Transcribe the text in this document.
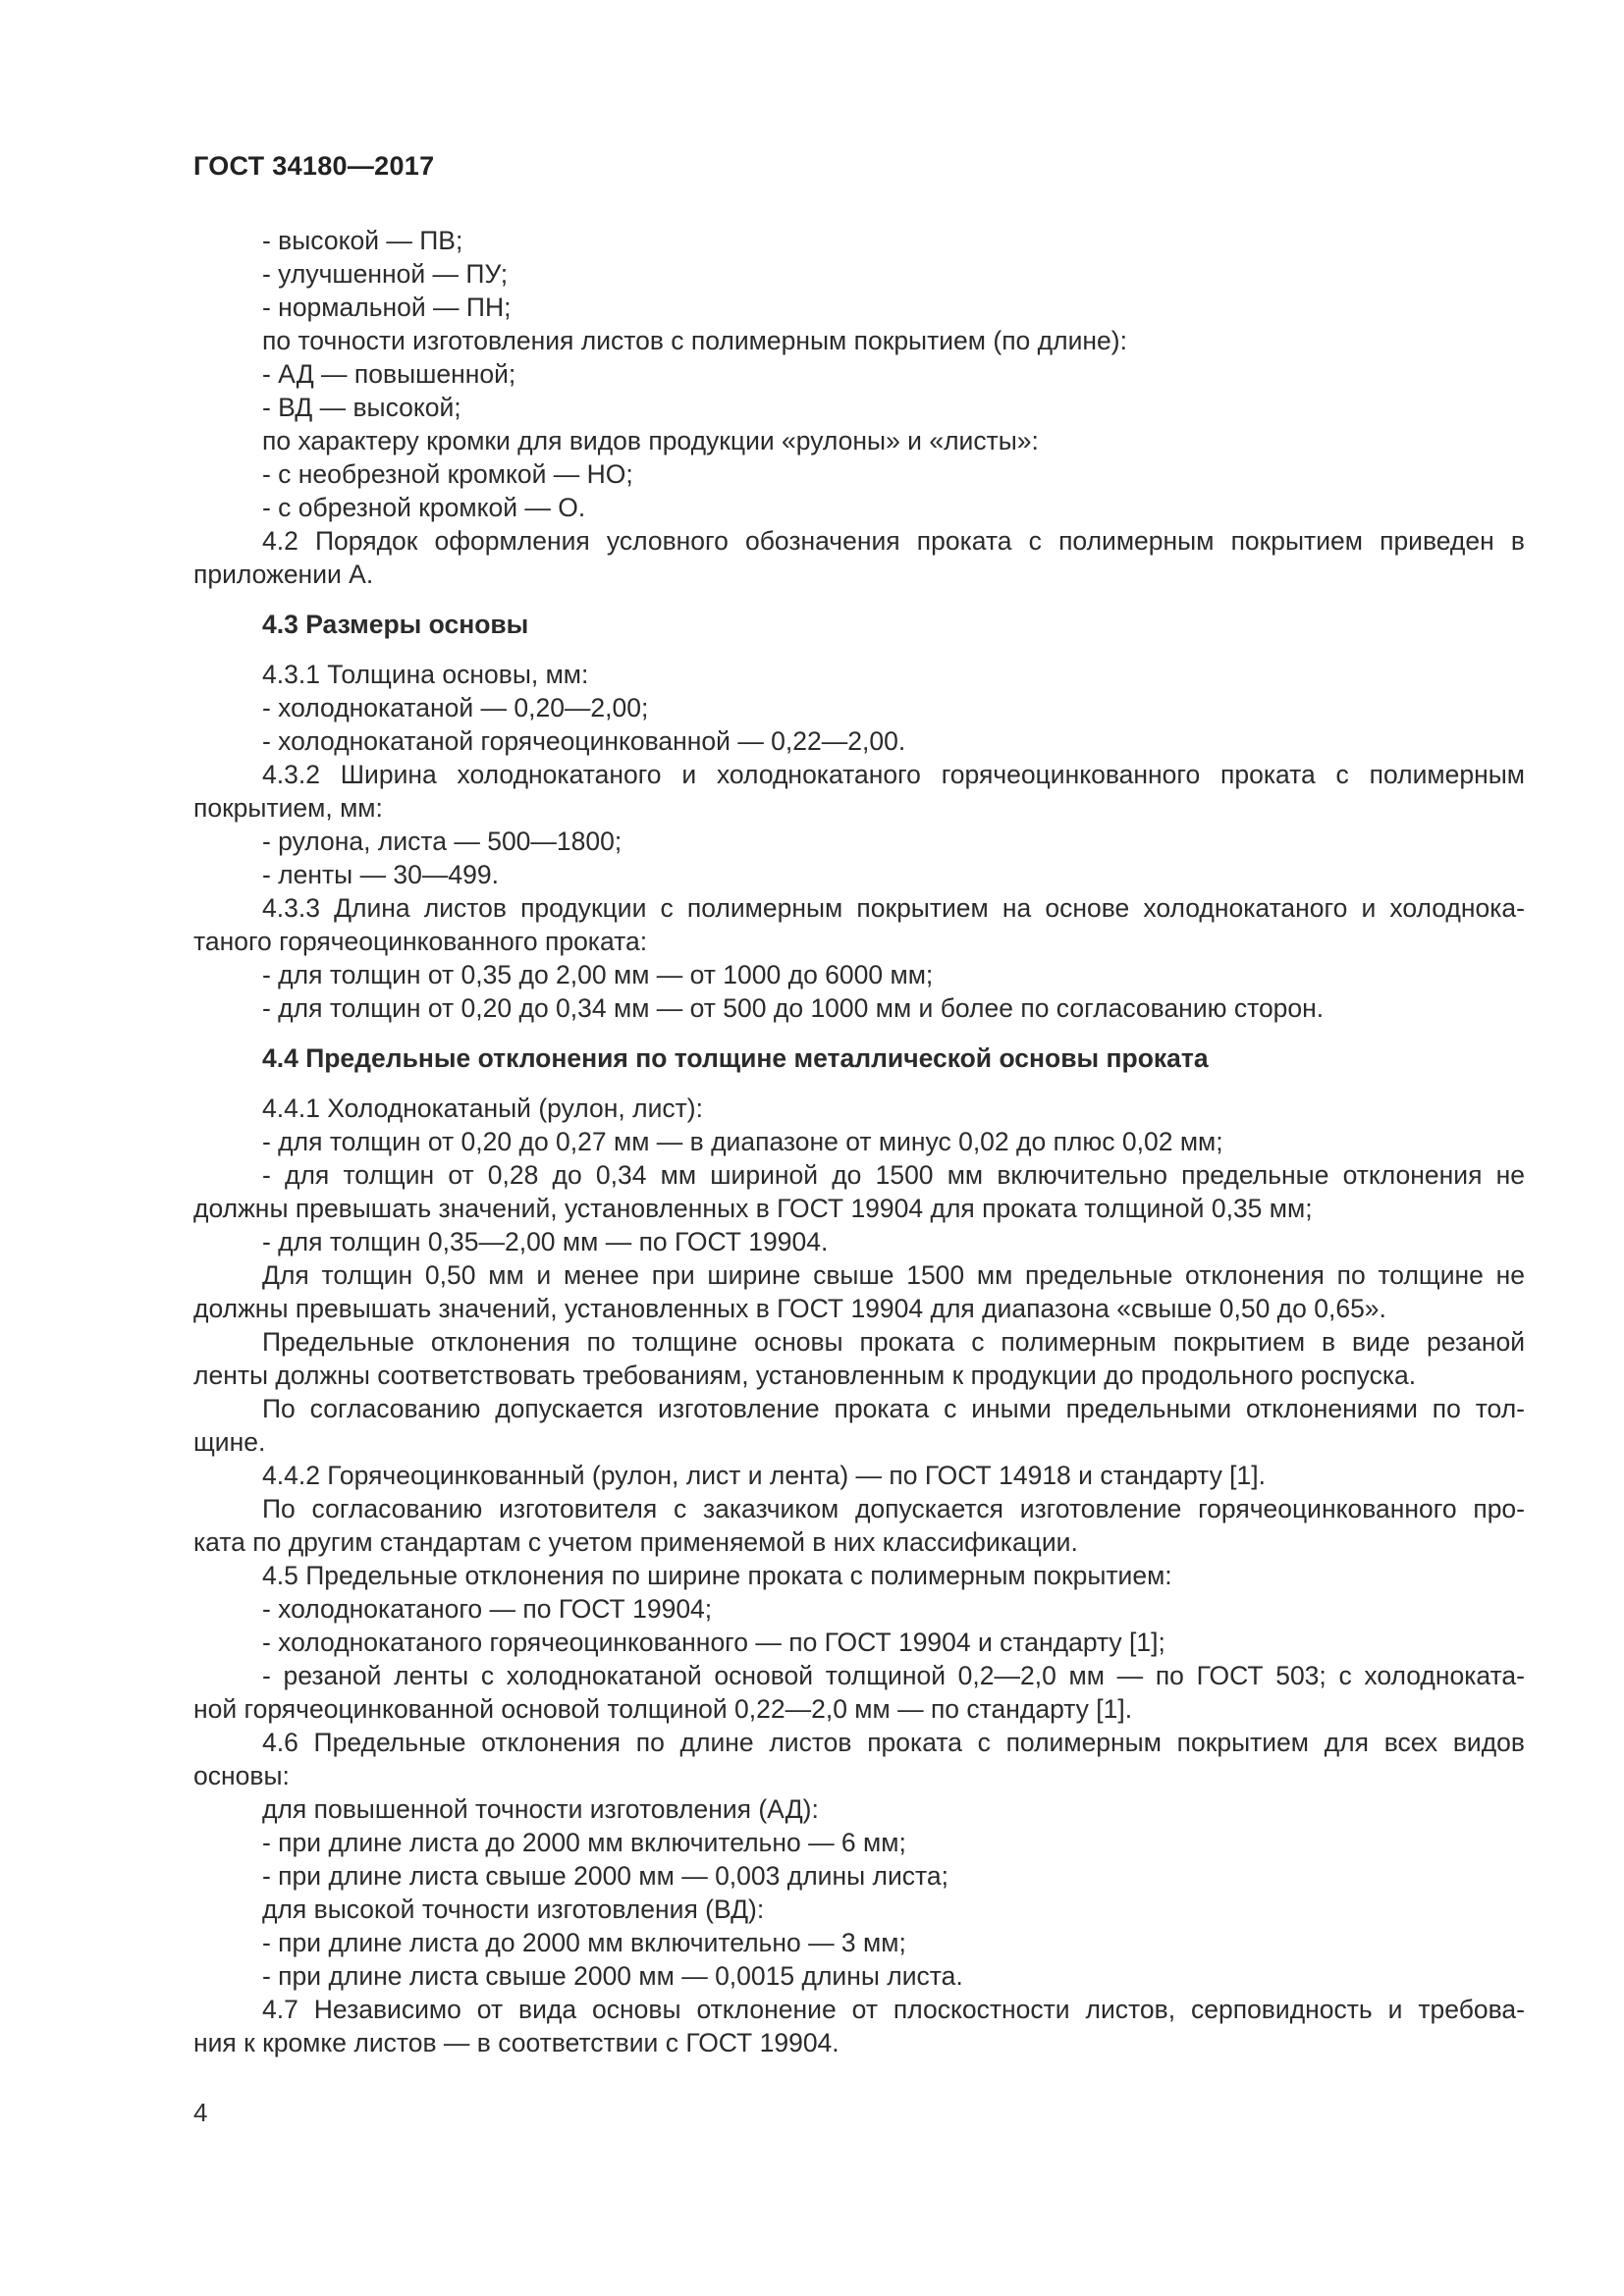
ГОСТ 34180—2017
- высокой — ПВ;
- улучшенной — ПУ;
- нормальной — ПН;
по точности изготовления листов с полимерным покрытием (по длине):
- АД — повышенной;
- ВД — высокой;
по характеру кромки для видов продукции «рулоны» и «листы»:
- с необрезной кромкой — НО;
- с обрезной кромкой — О.
4.2 Порядок оформления условного обозначения проката с полимерным покрытием приведен в
приложении А.
4.3 Размеры основы
4.3.1 Толщина основы, мм:
- холоднокатаной — 0,20—2,00;
- холоднокатаной горячеоцинкованной — 0,22—2,00.
4.3.2 Ширина холоднокатаного и холоднокатаного горячеоцинкованного проката с полимерным
покрытием, мм:
- рулона, листа — 500—1800;
- ленты — 30—499.
4.3.3 Длина листов продукции с полимерным покрытием на основе холоднокатаного и холоднока-
таного горячеоцинкованного проката:
- для толщин от 0,35 до 2,00 мм — от 1000 до 6000 мм;
- для толщин от 0,20 до 0,34 мм — от 500 до 1000 мм и более по согласованию сторон.
4.4 Предельные отклонения по толщине металлической основы проката
4.4.1 Холоднокатаный (рулон, лист):
- для толщин от 0,20 до 0,27 мм — в диапазоне от минус 0,02 до плюс 0,02 мм;
- для толщин от 0,28 до 0,34 мм шириной до 1500 мм включительно предельные отклонения не
должны превышать значений, установленных в ГОСТ 19904 для проката толщиной 0,35 мм;
- для толщин 0,35—2,00 мм — по ГОСТ 19904.
Для толщин 0,50 мм и менее при ширине свыше 1500 мм предельные отклонения по толщине не
должны превышать значений, установленных в ГОСТ 19904 для диапазона «свыше 0,50 до 0,65».
Предельные отклонения по толщине основы проката с полимерным покрытием в виде резаной
ленты должны соответствовать требованиям, установленным к продукции до продольного роспуска.
По согласованию допускается изготовление проката с иными предельными отклонениями по тол-
щине.
4.4.2 Горячеоцинкованный (рулон, лист и лента) — по ГОСТ 14918 и стандарту [1].
По согласованию изготовителя с заказчиком допускается изготовление горячеоцинкованного про-
ката по другим стандартам с учетом применяемой в них классификации.
4.5 Предельные отклонения по ширине проката с полимерным покрытием:
- холоднокатаного — по ГОСТ 19904;
- холоднокатаного горячеоцинкованного — по ГОСТ 19904 и стандарту [1];
- резаной ленты с холоднокатаной основой толщиной 0,2—2,0 мм — по ГОСТ 503; с холодноката-
ной горячеоцинкованной основой толщиной 0,22—2,0 мм — по стандарту [1].
4.6 Предельные отклонения по длине листов проката с полимерным покрытием для всех видов
основы:
для повышенной точности изготовления (АД):
- при длине листа до 2000 мм включительно — 6 мм;
- при длине листа свыше 2000 мм — 0,003 длины листа;
для высокой точности изготовления (ВД):
- при длине листа до 2000 мм включительно — 3 мм;
- при длине листа свыше 2000 мм — 0,0015 длины листа.
4.7 Независимо от вида основы отклонение от плоскостности листов, серповидность и требова-
ния к кромке листов — в соответствии с ГОСТ 19904.
4
